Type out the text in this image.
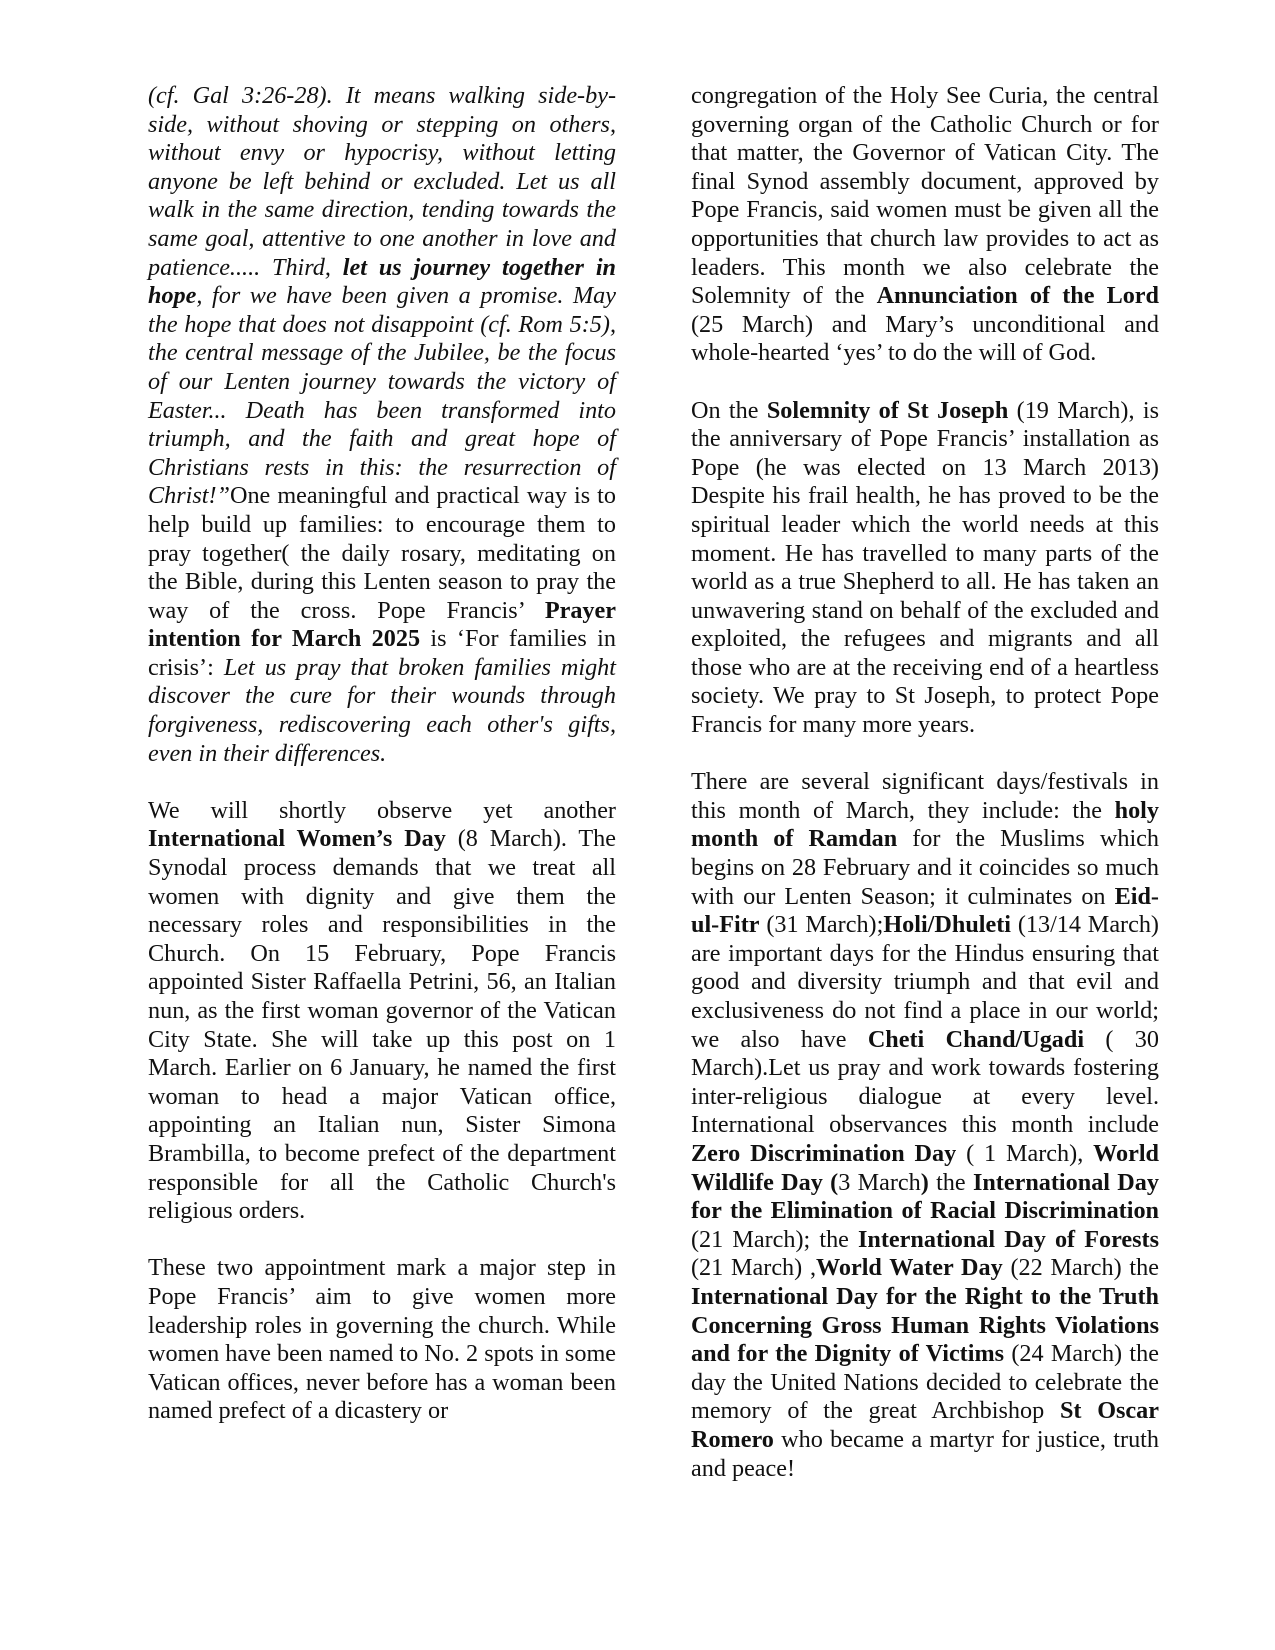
(cf. Gal 3:26-28). It means walking side-by-side, without shoving or stepping on others, without envy or hypocrisy, without letting anyone be left behind or excluded. Let us all walk in the same direction, tending towards the same goal, attentive to one another in love and patience..... Third, let us journey together in hope, for we have been given a promise. May the hope that does not disappoint (cf. Rom 5:5), the central message of the Jubilee, be the focus of our Lenten journey towards the victory of Easter... Death has been transformed into triumph, and the faith and great hope of Christians rests in this: the resurrection of Christ!”One meaningful and practical way is to help build up families: to encourage them to pray together( the daily rosary, meditating on the Bible, during this Lenten season to pray the way of the cross. Pope Francis’ Prayer intention for March 2025 is ‘For families in crisis’: Let us pray that broken families might discover the cure for their wounds through forgiveness, rediscovering each other's gifts, even in their differences.

We will shortly observe yet another International Women’s Day (8 March). The Synodal process demands that we treat all women with dignity and give them the necessary roles and responsibilities in the Church. On 15 February, Pope Francis appointed Sister Raffaella Petrini, 56, an Italian nun, as the first woman governor of the Vatican City State. She will take up this post on 1 March. Earlier on 6 January, he named the first woman to head a major Vatican office, appointing an Italian nun, Sister Simona Brambilla, to become prefect of the department responsible for all the Catholic Church's religious orders.

These two appointment mark a major step in Pope Francis’ aim to give women more leadership roles in governing the church. While women have been named to No. 2 spots in some Vatican offices, never before has a woman been named prefect of a dicastery or

congregation of the Holy See Curia, the central governing organ of the Catholic Church or for that matter, the Governor of Vatican City. The final Synod assembly document, approved by Pope Francis, said women must be given all the opportunities that church law provides to act as leaders. This month we also celebrate the Solemnity of the Annunciation of the Lord (25 March) and Mary’s unconditional and whole-hearted ‘yes’ to do the will of God.

On the Solemnity of St Joseph (19 March), is the anniversary of Pope Francis’ installation as Pope (he was elected on 13 March 2013) Despite his frail health, he has proved to be the spiritual leader which the world needs at this moment. He has travelled to many parts of the world as a true Shepherd to all. He has taken an unwavering stand on behalf of the excluded and exploited, the refugees and migrants and all those who are at the receiving end of a heartless society. We pray to St Joseph, to protect Pope Francis for many more years.

There are several significant days/festivals in this month of March, they include: the holy month of Ramdan for the Muslims which begins on 28 February and it coincides so much with our Lenten Season; it culminates on Eid-ul-Fitr (31 March);Holi/Dhuleti (13/14 March) are important days for the Hindus ensuring that good and diversity triumph and that evil and exclusiveness do not find a place in our world; we also have Cheti Chand/Ugadi ( 30 March).Let us pray and work towards fostering inter-religious dialogue at every level. International observances this month include Zero Discrimination Day ( 1 March), World Wildlife Day (3 March) the International Day for the Elimination of Racial Discrimination (21 March); the International Day of Forests (21 March) ,World Water Day (22 March) the International Day for the Right to the Truth Concerning Gross Human Rights Violations and for the Dignity of Victims (24 March) the day the United Nations decided to celebrate the memory of the great Archbishop St Oscar Romero who became a martyr for justice, truth and peace!
